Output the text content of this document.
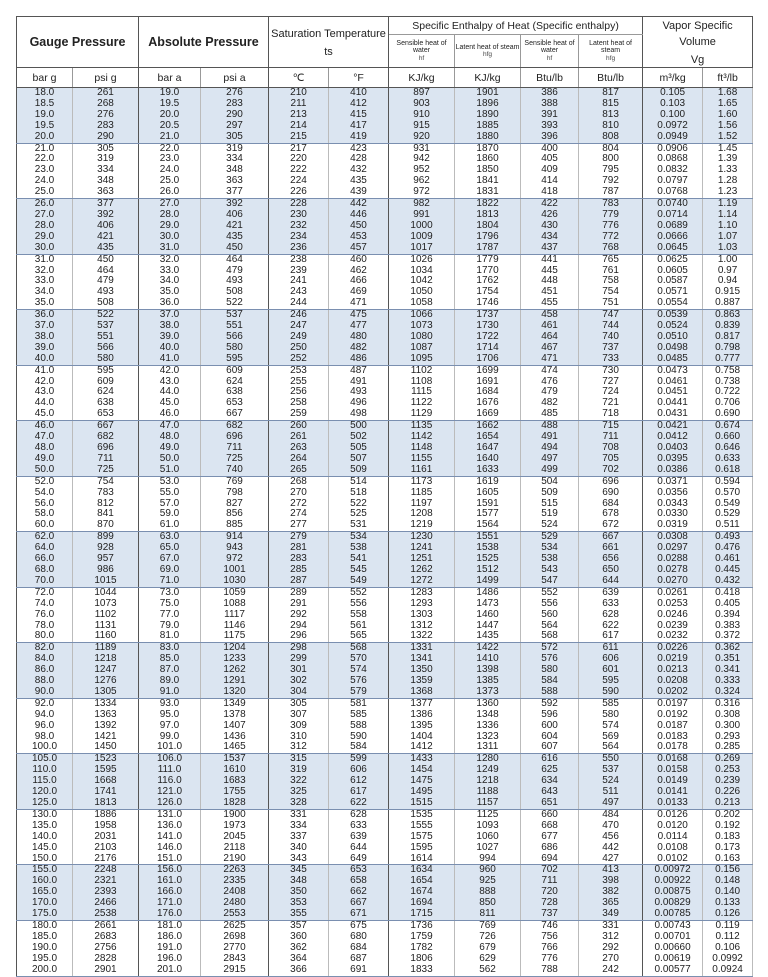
Gauge Pressure		Absolute Pressure		Saturation Temperature
ts		Specific Enthalpy of Heat (Specific enthalpy)				Vapor Specific Volume
Vg	

						Sensible heat of water
hf	Latent heat of steam
hfg	Sensible heat of water
hf	Latent heat of steam
hfg		

bar g	psi g	bar a	psi a	℃	°F	KJ/kg	KJ/kg	Btu/lb	Btu/lb	m³/kg	ft³/lb
18.0	261	19.0	276	210	410	897	1901	386	817	0.105	1.68
18.5	268	19.5	283	211	412	903	1896	388	815	0.103	1.65
19.0	276	20.0	290	213	415	910	1890	391	813	0.100	1.60
19.5	283	20.5	297	214	417	915	1885	393	810	0.0972	1.56
20.0	290	21.0	305	215	419	920	1880	396	808	0.0949	1.52
21.0	305	22.0	319	217	423	931	1870	400	804	0.0906	1.45
22.0	319	23.0	334	220	428	942	1860	405	800	0.0868	1.39
23.0	334	24.0	348	222	432	952	1850	409	795	0.0832	1.33
24.0	348	25.0	363	224	435	962	1841	414	792	0.0797	1.28
25.0	363	26.0	377	226	439	972	1831	418	787	0.0768	1.23
26.0	377	27.0	392	228	442	982	1822	422	783	0.0740	1.19
27.0	392	28.0	406	230	446	991	1813	426	779	0.0714	1.14
28.0	406	29.0	421	232	450	1000	1804	430	776	0.0689	1.10
29.0	421	30.0	435	234	453	1009	1796	434	772	0.0666	1.07
30.0	435	31.0	450	236	457	1017	1787	437	768	0.0645	1.03
31.0	450	32.0	464	238	460	1026	1779	441	765	0.0625	1.00
32.0	464	33.0	479	239	462	1034	1770	445	761	0.0605	0.97
33.0	479	34.0	493	241	466	1042	1762	448	758	0.0587	0.94
34.0	493	35.0	508	243	469	1050	1754	451	754	0.0571	0.915
35.0	508	36.0	522	244	471	1058	1746	455	751	0.0554	0.887
36.0	522	37.0	537	246	475	1066	1737	458	747	0.0539	0.863
37.0	537	38.0	551	247	477	1073	1730	461	744	0.0524	0.839
38.0	551	39.0	566	249	480	1080	1722	464	740	0.0510	0.817
39.0	566	40.0	580	250	482	1087	1714	467	737	0.0498	0.798
40.0	580	41.0	595	252	486	1095	1706	471	733	0.0485	0.777
41.0	595	42.0	609	253	487	1102	1699	474	730	0.0473	0.758
42.0	609	43.0	624	255	491	1108	1691	476	727	0.0461	0.738
43.0	624	44.0	638	256	493	1115	1684	479	724	0.0451	0.722
44.0	638	45.0	653	258	496	1122	1676	482	721	0.0441	0.706
45.0	653	46.0	667	259	498	1129	1669	485	718	0.0431	0.690
46.0	667	47.0	682	260	500	1135	1662	488	715	0.0421	0.674
47.0	682	48.0	696	261	502	1142	1654	491	711	0.0412	0.660
48.0	696	49.0	711	263	505	1148	1647	494	708	0.0403	0.646
49.0	711	50.0	725	264	507	1155	1640	497	705	0.0395	0.633
50.0	725	51.0	740	265	509	1161	1633	499	702	0.0386	0.618
52.0	754	53.0	769	268	514	1173	1619	504	696	0.0371	0.594
54.0	783	55.0	798	270	518	1185	1605	509	690	0.0356	0.570
56.0	812	57.0	827	272	522	1197	1591	515	684	0.0343	0.549
58.0	841	59.0	856	274	525	1208	1577	519	678	0.0330	0.529
60.0	870	61.0	885	277	531	1219	1564	524	672	0.0319	0.511
62.0	899	63.0	914	279	534	1230	1551	529	667	0.0308	0.493
64.0	928	65.0	943	281	538	1241	1538	534	661	0.0297	0.476
66.0	957	67.0	972	283	541	1251	1525	538	656	0.0288	0.461
68.0	986	69.0	1001	285	545	1262	1512	543	650	0.0278	0.445
70.0	1015	71.0	1030	287	549	1272	1499	547	644	0.0270	0.432
72.0	1044	73.0	1059	289	552	1283	1486	552	639	0.0261	0.418
74.0	1073	75.0	1088	291	556	1293	1473	556	633	0.0253	0.405
76.0	1102	77.0	1117	292	558	1303	1460	560	628	0.0246	0.394
78.0	1131	79.0	1146	294	561	1312	1447	564	622	0.0239	0.383
80.0	1160	81.0	1175	296	565	1322	1435	568	617	0.0232	0.372
82.0	1189	83.0	1204	298	568	1331	1422	572	611	0.0226	0.362
84.0	1218	85.0	1233	299	570	1341	1410	576	606	0.0219	0.351
86.0	1247	87.0	1262	301	574	1350	1398	580	601	0.0213	0.341
88.0	1276	89.0	1291	302	576	1359	1385	584	595	0.0208	0.333
90.0	1305	91.0	1320	304	579	1368	1373	588	590	0.0202	0.324
92.0	1334	93.0	1349	305	581	1377	1360	592	585	0.0197	0.316
94.0	1363	95.0	1378	307	585	1386	1348	596	580	0.0192	0.308
96.0	1392	97.0	1407	309	588	1395	1336	600	574	0.0187	0.300
98.0	1421	99.0	1436	310	590	1404	1323	604	569	0.0183	0.293
100.0	1450	101.0	1465	312	584	1412	1311	607	564	0.0178	0.285
105.0	1523	106.0	1537	315	599	1433	1280	616	550	0.0168	0.269
110.0	1595	111.0	1610	319	606	1454	1249	625	537	0.0158	0.253
115.0	1668	116.0	1683	322	612	1475	1218	634	524	0.0149	0.239
120.0	1741	121.0	1755	325	617	1495	1188	643	511	0.0141	0.226
125.0	1813	126.0	1828	328	622	1515	1157	651	497	0.0133	0.213
130.0	1886	131.0	1900	331	628	1535	1125	660	484	0.0126	0.202
135.0	1958	136.0	1973	334	633	1555	1093	668	470	0.0120	0.192
140.0	2031	141.0	2045	337	639	1575	1060	677	456	0.0114	0.183
145.0	2103	146.0	2118	340	644	1595	1027	686	442	0.0108	0.173
150.0	2176	151.0	2190	343	649	1614	994	694	427	0.0102	0.163
155.0	2248	156.0	2263	345	653	1634	960	702	413	0.00972	0.156
160.0	2321	161.0	2335	348	658	1654	925	711	398	0.00922	0.148
165.0	2393	166.0	2408	350	662	1674	888	720	382	0.00875	0.140
170.0	2466	171.0	2480	353	667	1694	850	728	365	0.00829	0.133
175.0	2538	176.0	2553	355	671	1715	811	737	349	0.00785	0.126
180.0	2661	181.0	2625	357	675	1736	769	746	331	0.00743	0.119
185.0	2683	186.0	2698	360	680	1759	726	756	312	0.00701	0.112
190.0	2756	191.0	2770	362	684	1782	679	766	292	0.00660	0.106
195.0	2828	196.0	2843	364	687	1806	629	776	270	0.00619	0.0992
200.0	2901	201.0	2915	366	691	1833	562	788	242	0.00577	0.0924
